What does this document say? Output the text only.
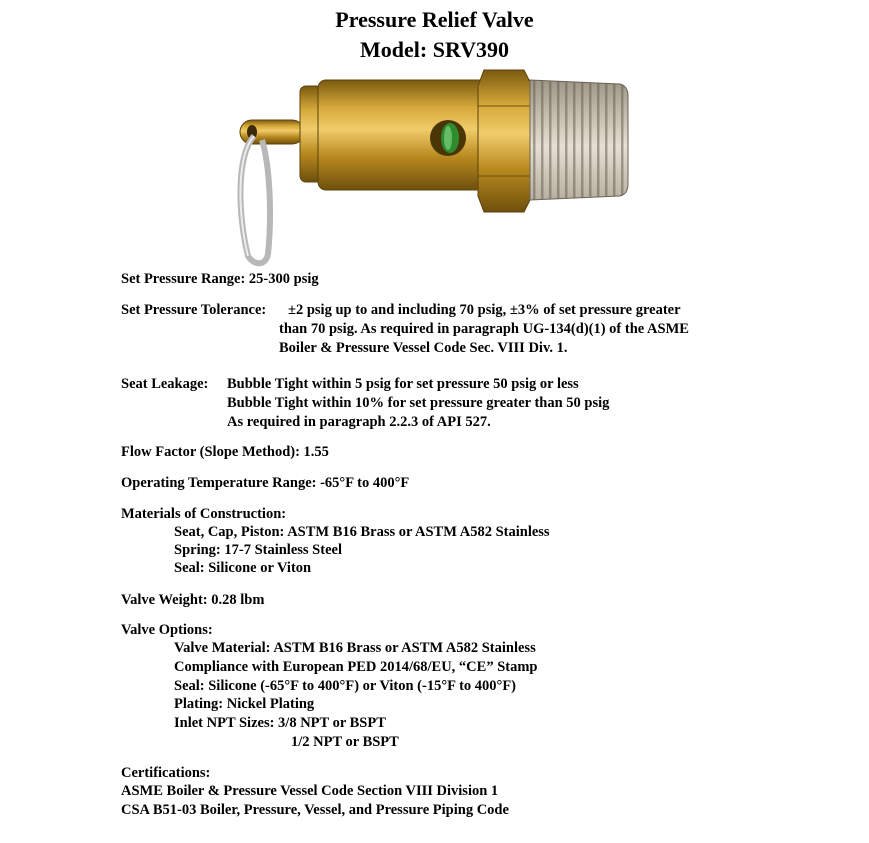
Pressure Relief Valve
Model: SRV390
Set Pressure Range: 25-300 psig
Set Pressure Tolerance: ±2 psig up to and including 70 psig, ±3% of set pressure greater
than 70 psig. As required in paragraph UG-134(d)(1) of the ASME
Boiler & Pressure Vessel Code Sec. VIII Div. 1.
Seat Leakage: Bubble Tight within 5 psig for set pressure 50 psig or less
Bubble Tight within 10% for set pressure greater than 50 psig
As required in paragraph 2.2.3 of API 527.
Flow Factor (Slope Method): 1.55
Operating Temperature Range: -65°F to 400°F
Materials of Construction:
Seat, Cap, Piston: ASTM B16 Brass or ASTM A582 Stainless
Spring: 17-7 Stainless Steel
Seal: Silicone or Viton
Valve Weight: 0.28 lbm
Valve Options:
Valve Material: ASTM B16 Brass or ASTM A582 Stainless
Compliance with European PED 2014/68/EU, “CE” Stamp
Seal: Silicone (-65°F to 400°F) or Viton (-15°F to 400°F)
Plating: Nickel Plating
Inlet NPT Sizes: 3/8 NPT or BSPT
1/2 NPT or BSPT
Certifications:
ASME Boiler & Pressure Vessel Code Section VIII Division 1
CSA B51-03 Boiler, Pressure, Vessel, and Pressure Piping Code
